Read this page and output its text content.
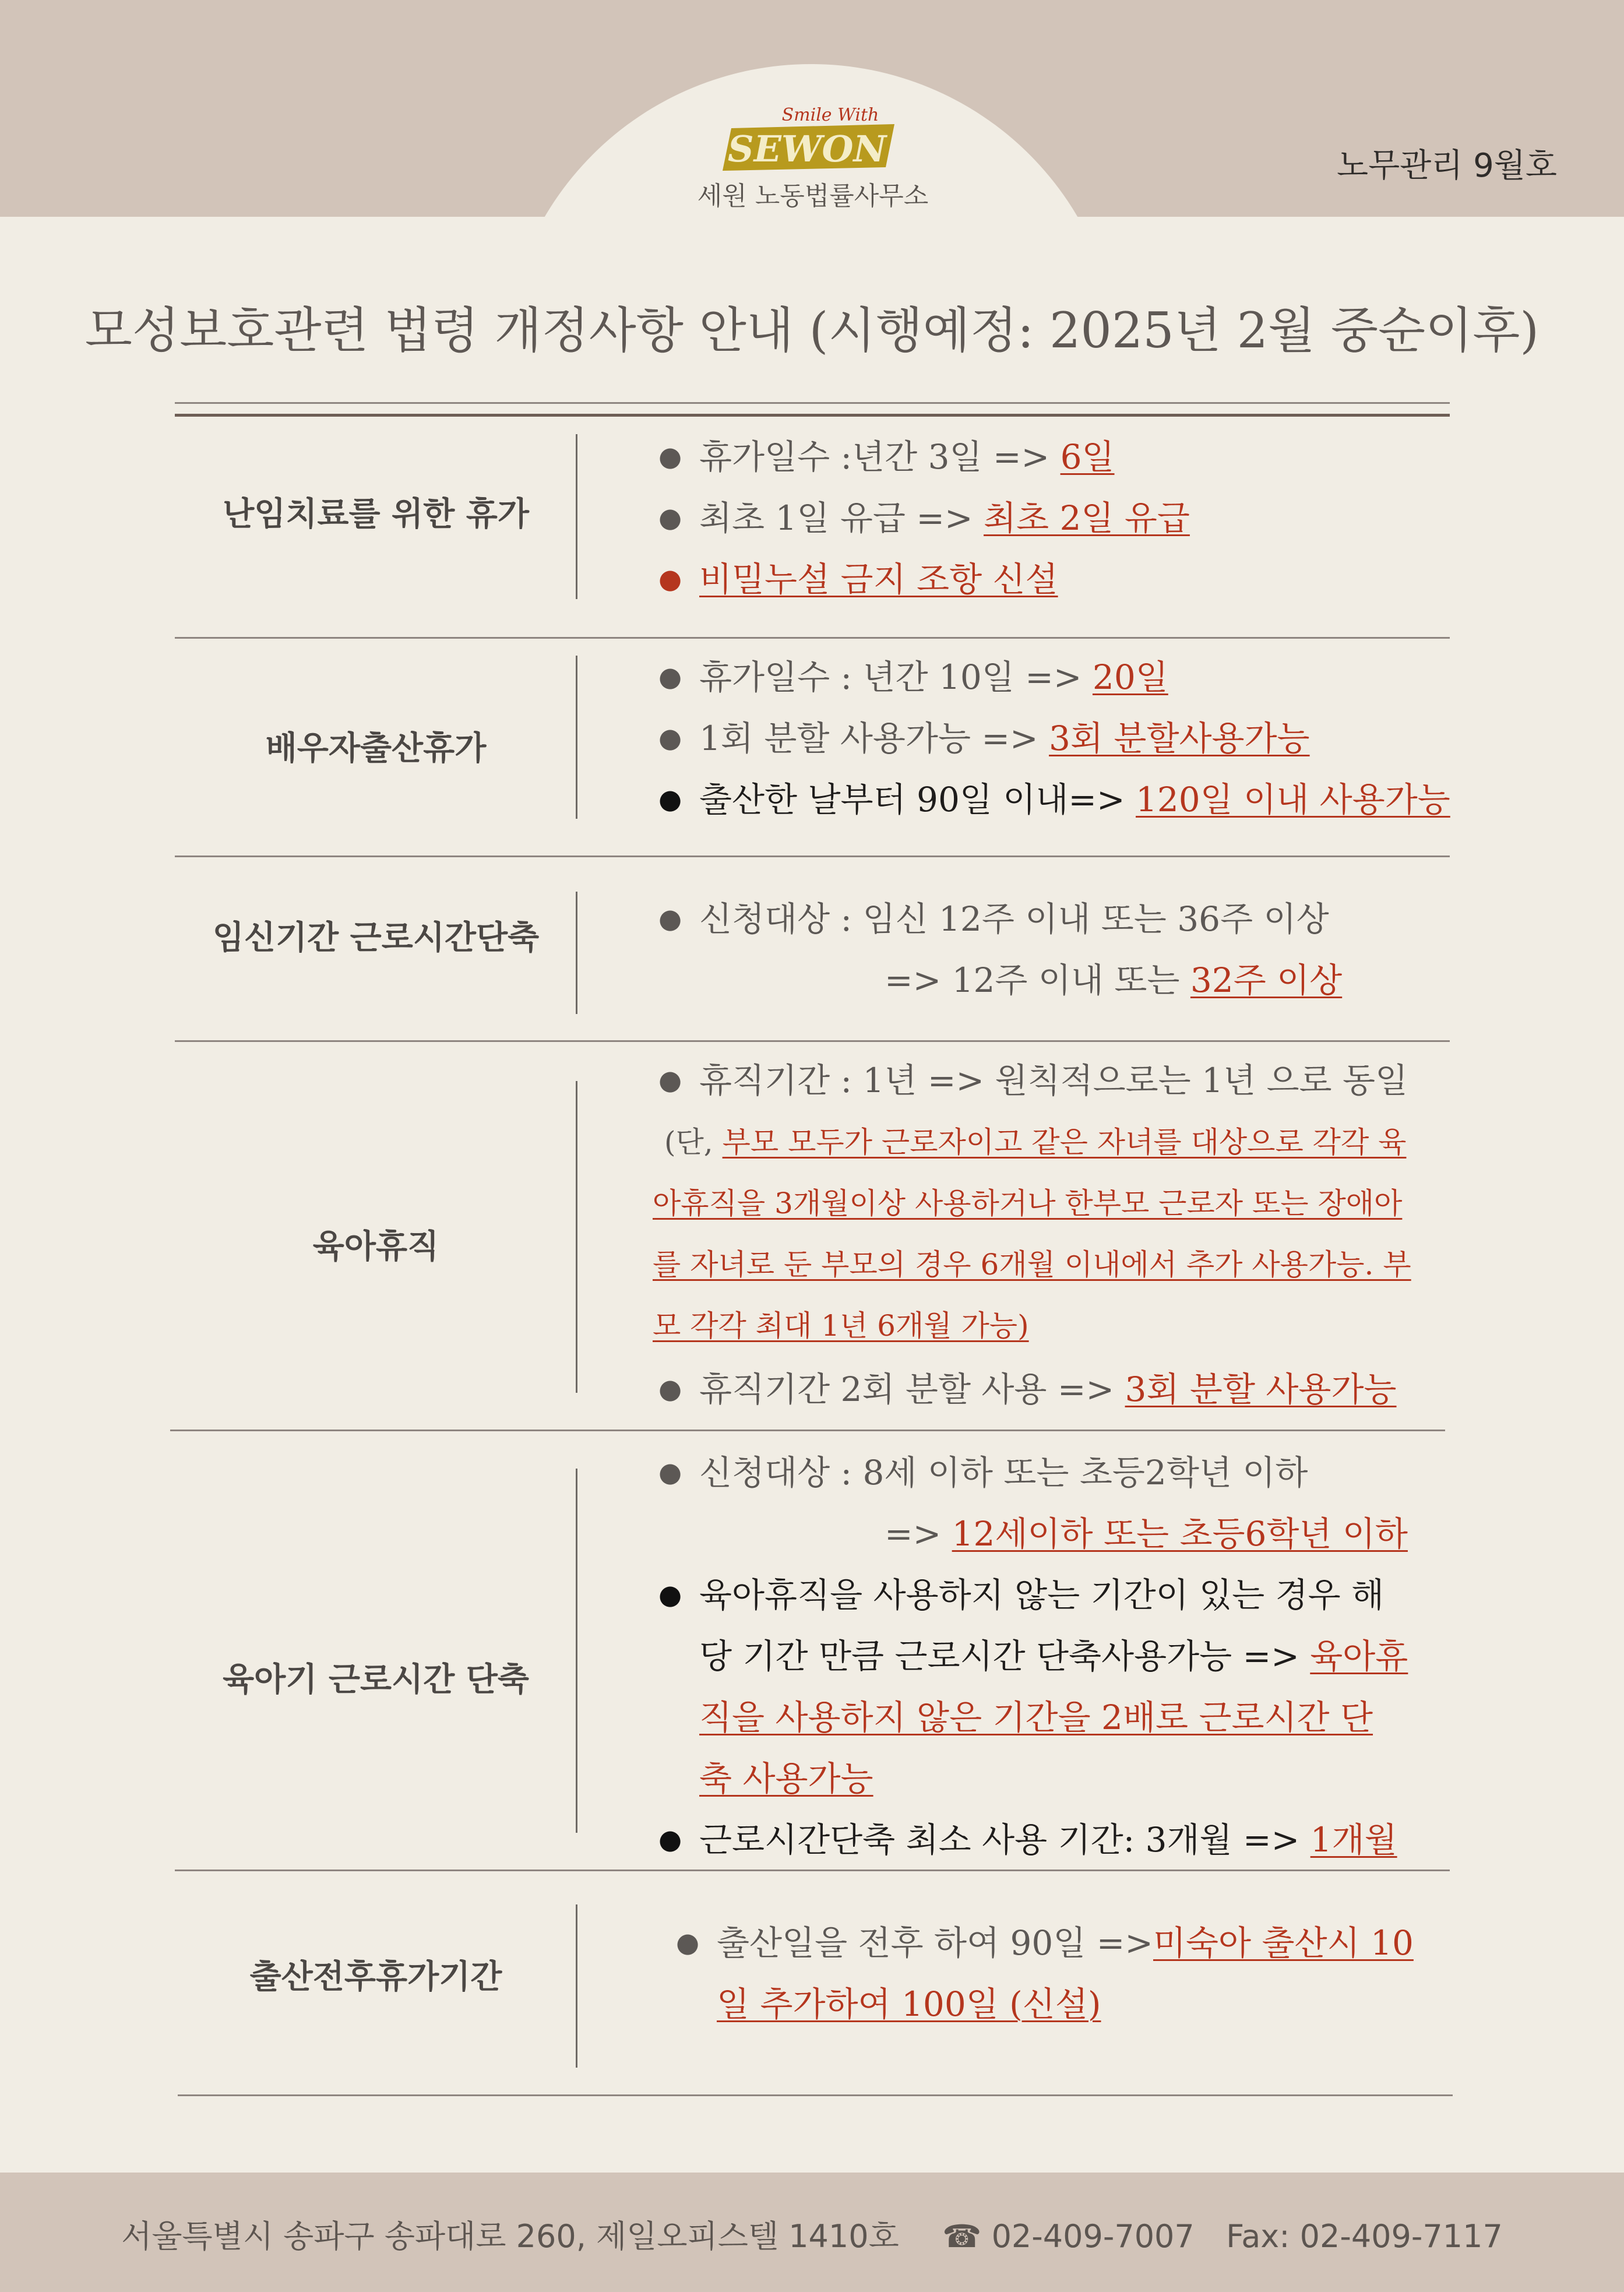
SEWON
Smile With
세원 노동법률사무소
노무관리 9월호
모성보호관련 법령 개정사항 안내 (시행예정: 2025년 2월 중순이후)
난임치료를 위한 휴가
● 휴가일수 :년간 3일 => 6일
● 최초 1일 유급 => 최초 2일 유급
● 비밀누설 금지 조항 신설
배우자출산휴가
● 휴가일수 : 년간 10일 => 20일
● 1회 분할 사용가능 => 3회 분할사용가능
● 출산한 날부터 90일 이내=> 120일 이내 사용가능
임신기간 근로시간단축
● 신청대상 : 임신 12주 이내 또는 36주 이상
=> 12주 이내 또는 32주 이상
육아휴직
● 휴직기간 : 1년 => 원칙적으로는 1년 으로 동일
(단, 부모 모두가 근로자이고 같은 자녀를 대상으로 각각 육
아휴직을 3개월이상 사용하거나 한부모 근로자 또는 장애아
를 자녀로 둔 부모의 경우 6개월 이내에서 추가 사용가능. 부
모 각각 최대 1년 6개월 가능)
● 휴직기간 2회 분할 사용 => 3회 분할 사용가능
육아기 근로시간 단축
● 신청대상 : 8세 이하 또는 초등2학년 이하
=> 12세이하 또는 초등6학년 이하
● 육아휴직을 사용하지 않는 기간이 있는 경우 해
당 기간 만큼 근로시간 단축사용가능 => 육아휴
직을 사용하지 않은 기간을 2배로 근로시간 단
축 사용가능
● 근로시간단축 최소 사용 기간: 3개월 => 1개월
출산전후휴가기간
● 출산일을 전후 하여 90일 =>미숙아 출산시 10
일 추가하여 100일 (신설)
서울특별시 송파구 송파대로 260, 제일오피스텔 1410호 ☎ 02-409-7007 Fax: 02-409-7117
